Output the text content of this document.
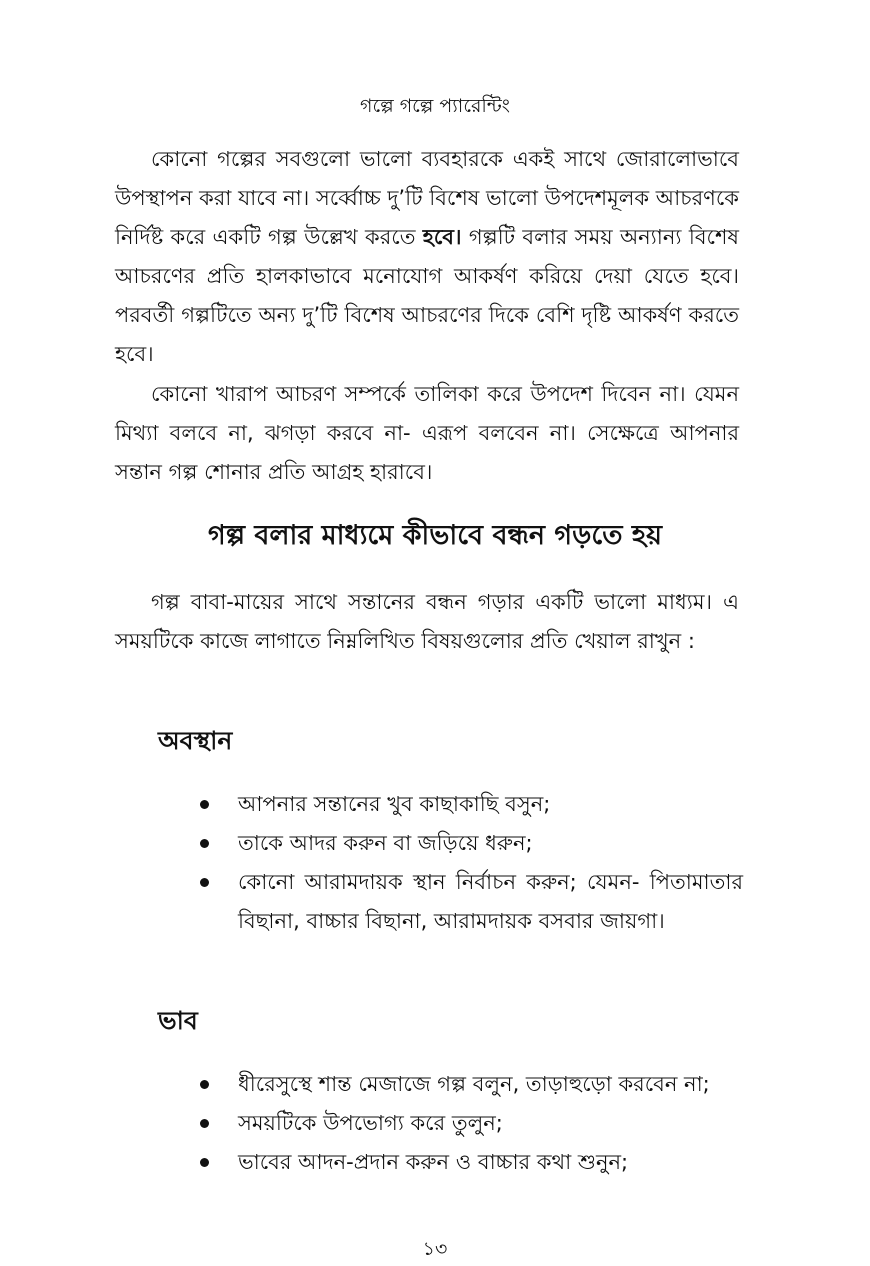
গল্পে গল্পে প্যারেন্টিং

কোনো গল্পের সবগুলো ভালো ব্যবহারকে একই সাথে জোরালোভাবে উপস্থাপন করা যাবে না। সর্ব্বোচ্চ দু’টি বিশেষ ভালো উপদেশমূলক আচরণকে নির্দিষ্ট করে একটি গল্প উল্লেখ করতে হবে। গল্পটি বলার সময় অন্যান্য বিশেষ আচরণের প্রতি হালকাভাবে মনোযোগ আকর্ষণ করিয়ে দেয়া যেতে হবে। পরবর্তী গল্পটিতে অন্য দু’টি বিশেষ আচরণের দিকে বেশি দৃষ্টি আকর্ষণ করতে হবে।

কোনো খারাপ আচরণ সম্পর্কে তালিকা করে উপদেশ দিবেন না। যেমন মিথ্যা বলবে না, ঝগড়া করবে না- এরূপ বলবেন না। সেক্ষেত্রে আপনার সন্তান গল্প শোনার প্রতি আগ্রহ হারাবে।

গল্প বলার মাধ্যমে কীভাবে বন্ধন গড়তে হয়

গল্প বাবা-মায়ের সাথে সন্তানের বন্ধন গড়ার একটি ভালো মাধ্যম। এ সময়টিকে কাজে লাগাতে নিম্নলিখিত বিষয়গুলোর প্রতি খেয়াল রাখুন :

অবস্থান
আপনার সন্তানের খুব কাছাকাছি বসুন;
তাকে আদর করুন বা জড়িয়ে ধরুন;
কোনো আরামদায়ক স্থান নির্বাচন করুন; যেমন- পিতামাতার বিছানা, বাচ্চার বিছানা, আরামদায়ক বসবার জায়গা।
ভাব
ধীরেসুস্থে শান্ত মেজাজে গল্প বলুন, তাড়াহুড়ো করবেন না;
সময়টিকে উপভোগ্য করে তুলুন;
ভাবের আদন-প্রদান করুন ও বাচ্চার কথা শুনুন;
১৩
